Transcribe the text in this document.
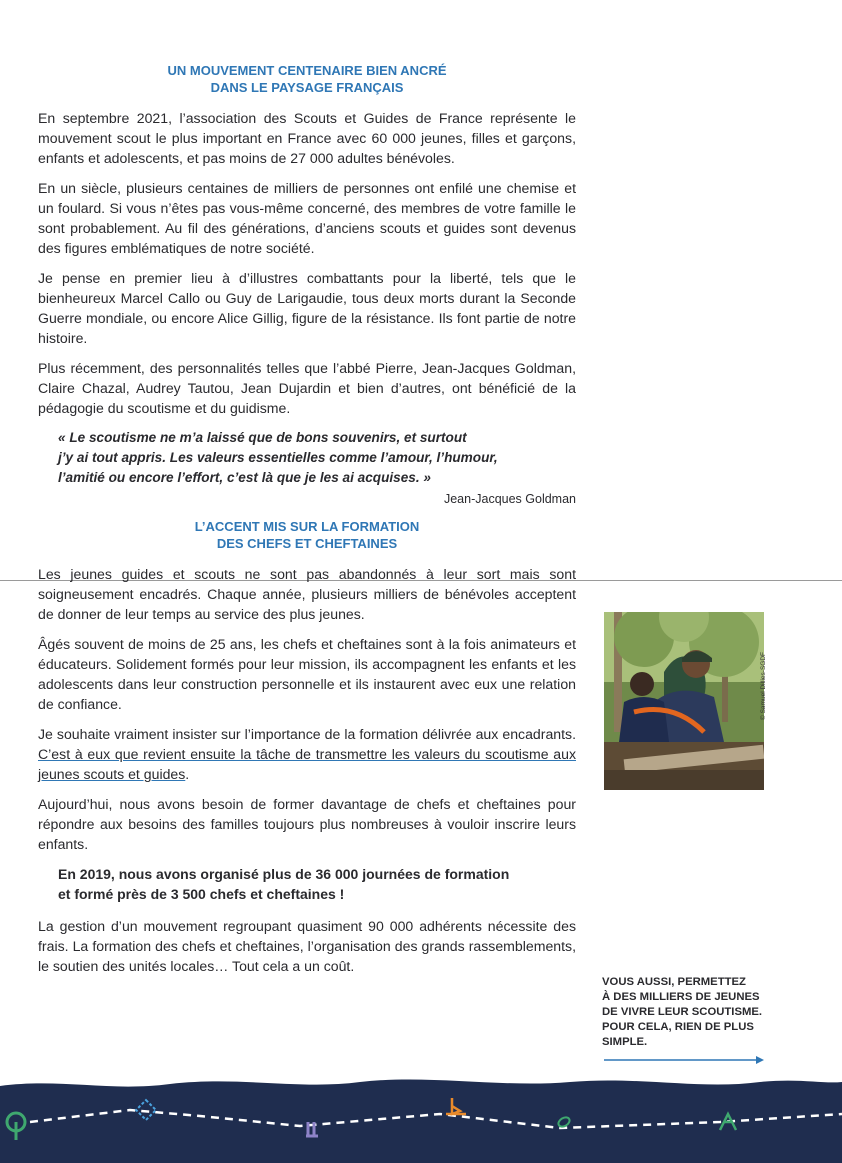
UN MOUVEMENT CENTENAIRE BIEN ANCRÉ
DANS LE PAYSAGE FRANÇAIS

En septembre 2021, l’association des Scouts et Guides de France représente le mouvement scout le plus important en France avec 60 000 jeunes, filles et garçons, enfants et adolescents, et pas moins de 27 000 adultes bénévoles.

En un siècle, plusieurs centaines de milliers de personnes ont enfilé une chemise et un foulard. Si vous n’êtes pas vous-même concerné, des membres de votre famille le sont probablement. Au fil des générations, d’anciens scouts et guides sont devenus des figures emblématiques de notre société.

Je pense en premier lieu à d’illustres combattants pour la liberté, tels que le bienheureux Marcel Callo ou Guy de Larigaudie, tous deux morts durant la Seconde Guerre mondiale, ou encore Alice Gillig, figure de la résistance. Ils font partie de notre histoire.

Plus récemment, des personnalités telles que l’abbé Pierre, Jean-Jacques Goldman, Claire Chazal, Audrey Tautou, Jean Dujardin et bien d’autres, ont bénéficié de la pédagogie du scoutisme et du guidisme.

« Le scoutisme ne m’a laissé que de bons souvenirs, et surtout
j’y ai tout appris. Les valeurs essentielles comme l’amour, l’humour,
l’amitié ou encore l’effort, c’est là que je les ai acquises. »
Jean-Jacques Goldman
L’ACCENT MIS SUR LA FORMATION
DES CHEFS ET CHEFTAINES

Les jeunes guides et scouts ne sont pas abandonnés à leur sort mais sont soigneusement encadrés. Chaque année, plusieurs milliers de bénévoles acceptent de donner de leur temps au service des plus jeunes.

Âgés souvent de moins de 25 ans, les chefs et cheftaines sont à la fois animateurs et éducateurs. Solidement formés pour leur mission, ils accompagnent les enfants et les adolescents dans leur construction personnelle et ils instaurent avec eux une relation de confiance.

Je souhaite vraiment insister sur l’importance de la formation délivrée aux encadrants. C’est à eux que revient ensuite la tâche de transmettre les valeurs du scoutisme aux jeunes scouts et guides.

Aujourd’hui, nous avons besoin de former davantage de chefs et cheftaines pour répondre aux besoins des familles toujours plus nombreuses à vouloir inscrire leurs enfants.

En 2019, nous avons organisé plus de 36 000 journées de formation
et formé près de 3 500 chefs et cheftaines !

La gestion d’un mouvement regroupant quasiment 90 000 adhérents nécessite des frais. La formation des chefs et cheftaines, l’organisation des grands rassemblements, le soutien des unités locales… Tout cela a un coût.

© Samuel Dillies-SGDF
VOUS AUSSI, PERMETTEZ
À DES MILLIERS DE JEUNES
DE VIVRE LEUR SCOUTISME.
POUR CELA, RIEN DE PLUS
SIMPLE.
